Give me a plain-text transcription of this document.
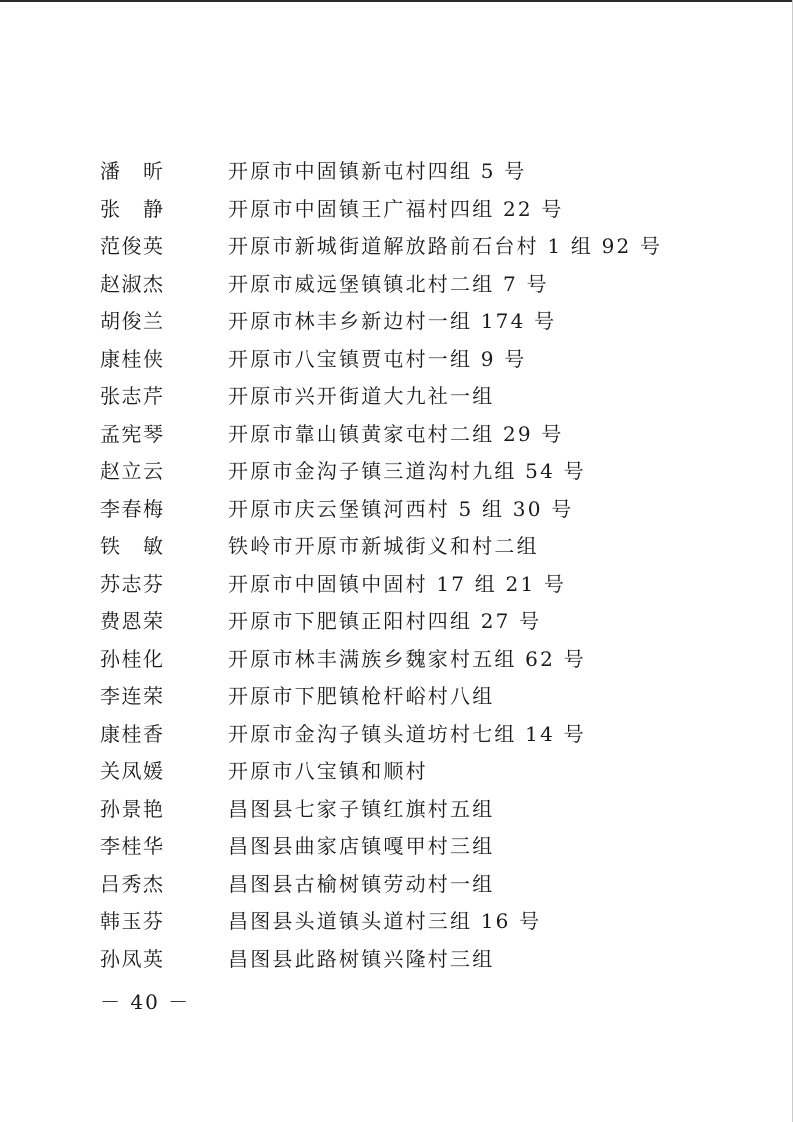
潘　昕	开原市中固镇新屯村四组 5 号
张　静	开原市中固镇王广福村四组 22 号
范俊英	开原市新城街道解放路前石台村 1 组 92 号
赵淑杰	开原市威远堡镇镇北村二组 7 号
胡俊兰	开原市林丰乡新边村一组 174 号
康桂侠	开原市八宝镇贾屯村一组 9 号
张志芹	开原市兴开街道大九社一组
孟宪琴	开原市靠山镇黄家屯村二组 29 号
赵立云	开原市金沟子镇三道沟村九组 54 号
李春梅	开原市庆云堡镇河西村 5 组 30 号
铁　敏	铁岭市开原市新城街义和村二组
苏志芬	开原市中固镇中固村 17 组 21 号
费恩荣	开原市下肥镇正阳村四组 27 号
孙桂化	开原市林丰满族乡魏家村五组 62 号
李连荣	开原市下肥镇枪杆峪村八组
康桂香	开原市金沟子镇头道坊村七组 14 号
关凤媛	开原市八宝镇和顺村
孙景艳	昌图县七家子镇红旗村五组
李桂华	昌图县曲家店镇嘎甲村三组
吕秀杰	昌图县古榆树镇劳动村一组
韩玉芬	昌图县头道镇头道村三组 16 号
孙凤英	昌图县此路树镇兴隆村三组
－ 40 －
